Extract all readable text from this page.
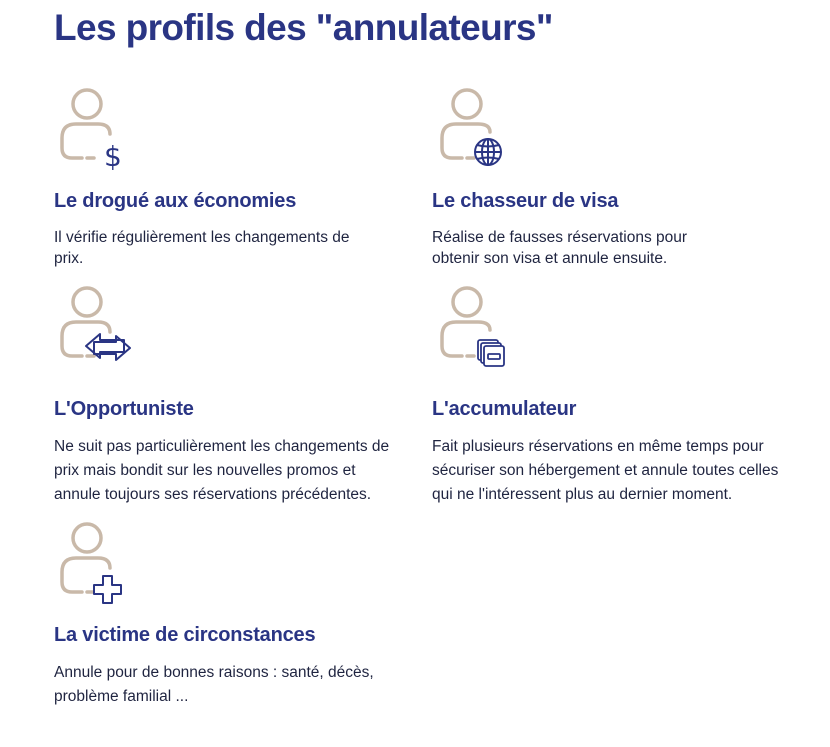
Les profils des "annulateurs"
$
Le drogué aux économies

Il vérifie régulièrement les changements de prix.

Le chasseur de visa

Réalise de fausses réservations pour obtenir son visa et annule ensuite.

L'Opportuniste

Ne suit pas particulièrement les changements de prix mais bondit sur les nouvelles promos et annule toujours ses réservations précédentes.

L'accumulateur

Fait plusieurs réservations en même temps pour sécuriser son hébergement et annule toutes celles qui ne l'intéressent plus au dernier moment.

La victime de circonstances

Annule pour de bonnes raisons : santé, décès, problème familial ...
